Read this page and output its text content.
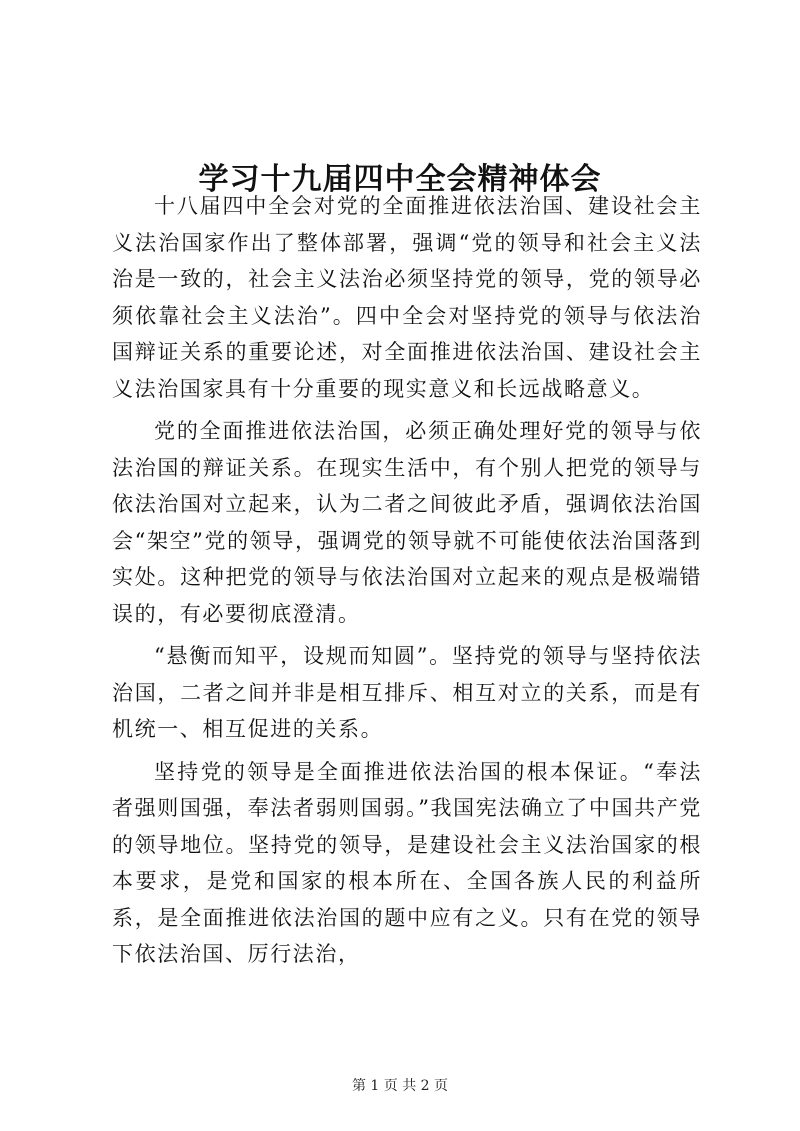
学习十九届四中全会精神体会

十八届四中全会对党的全面推进依法治国、建设社会主义法治国家作出了整体部署，强调“党的领导和社会主义法治是一致的，社会主义法治必须坚持党的领导，党的领导必须依靠社会主义法治”。四中全会对坚持党的领导与依法治国辩证关系的重要论述，对全面推进依法治国、建设社会主义法治国家具有十分重要的现实意义和长远战略意义。

党的全面推进依法治国，必须正确处理好党的领导与依法治国的辩证关系。在现实生活中，有个别人把党的领导与依法治国对立起来，认为二者之间彼此矛盾，强调依法治国会“架空”党的领导，强调党的领导就不可能使依法治国落到实处。这种把党的领导与依法治国对立起来的观点是极端错误的，有必要彻底澄清。

“悬衡而知平，设规而知圆”。坚持党的领导与坚持依法治国，二者之间并非是相互排斥、相互对立的关系，而是有机统一、相互促进的关系。

坚持党的领导是全面推进依法治国的根本保证。“奉法者强则国强，奉法者弱则国弱。”我国宪法确立了中国共产党的领导地位。坚持党的领导，是建设社会主义法治国家的根本要求，是党和国家的根本所在、全国各族人民的利益所系，是全面推进依法治国的题中应有之义。只有在党的领导下依法治国、厉行法治，

第 1 页 共 2 页
